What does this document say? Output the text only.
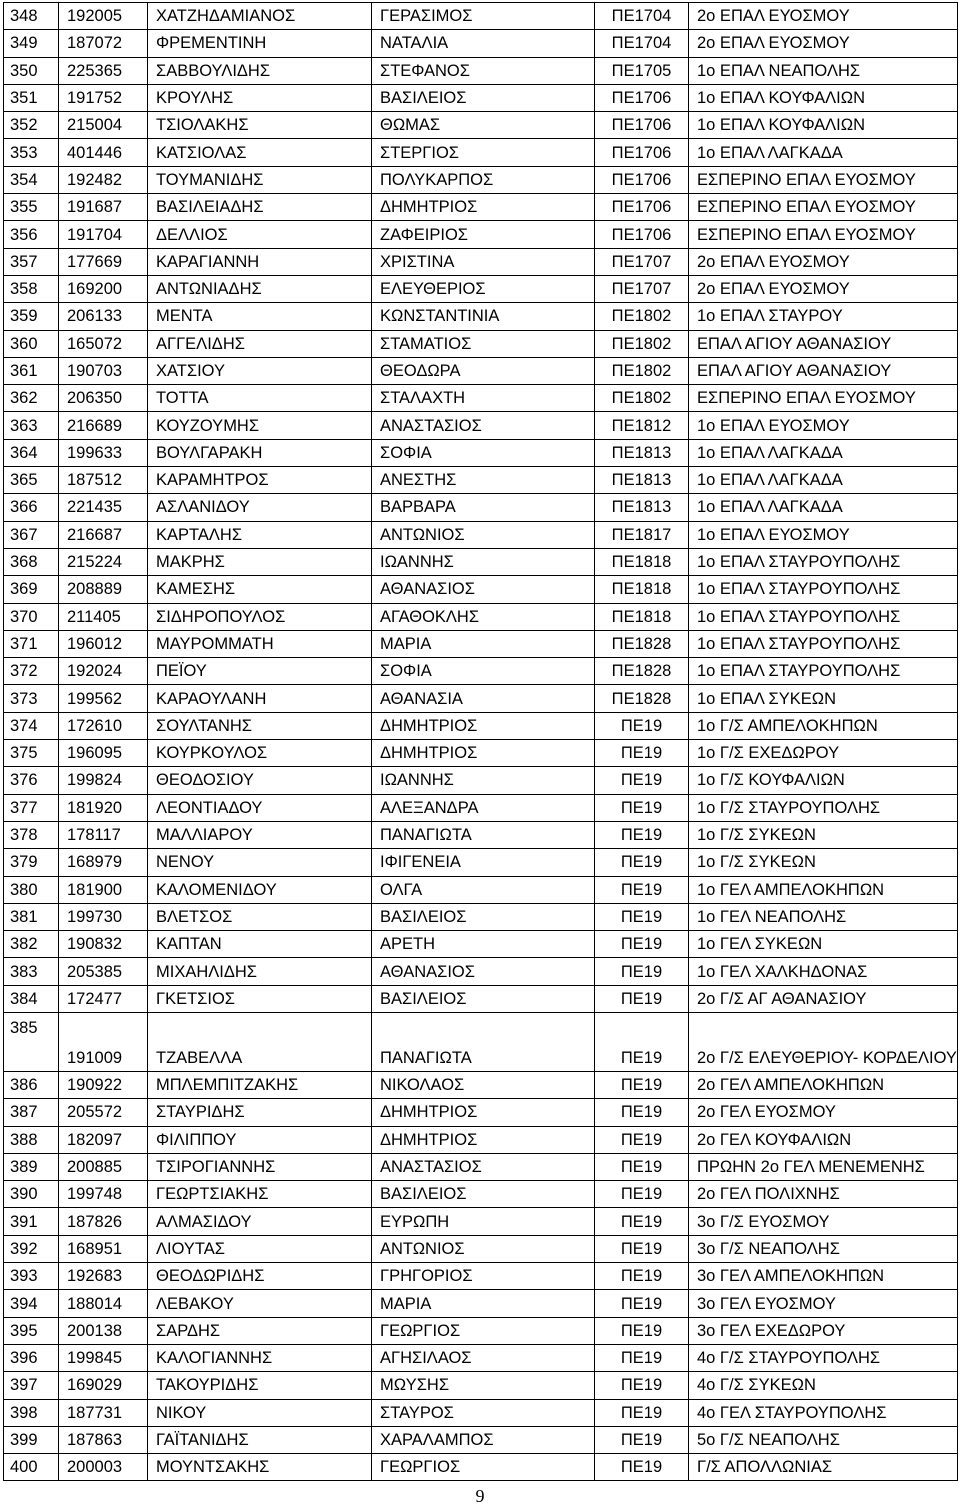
348	192005	ΧΑΤΖΗΔΑΜΙΑΝΟΣ	ΓΕΡΑΣΙΜΟΣ	ΠΕ1704	2ο ΕΠΑΛ ΕΥΟΣΜΟΥ
349	187072	ΦΡΕΜΕΝΤΙΝΗ	ΝΑΤΑΛΙΑ	ΠΕ1704	2ο ΕΠΑΛ ΕΥΟΣΜΟΥ
350	225365	ΣΑΒΒΟΥΛΙΔΗΣ	ΣΤΕΦΑΝΟΣ	ΠΕ1705	1ο ΕΠΑΛ ΝΕΑΠΟΛΗΣ
351	191752	ΚΡΟΥΛΗΣ	ΒΑΣΙΛΕΙΟΣ	ΠΕ1706	1ο ΕΠΑΛ ΚΟΥΦΑΛΙΩΝ
352	215004	ΤΣΙΟΛΑΚΗΣ	ΘΩΜΑΣ	ΠΕ1706	1ο ΕΠΑΛ ΚΟΥΦΑΛΙΩΝ
353	401446	ΚΑΤΣΙΟΛΑΣ	ΣΤΕΡΓΙΟΣ	ΠΕ1706	1ο ΕΠΑΛ ΛΑΓΚΑΔΑ
354	192482	ΤΟΥΜΑΝΙΔΗΣ	ΠΟΛΥΚΑΡΠΟΣ	ΠΕ1706	ΕΣΠΕΡΙΝΟ ΕΠΑΛ ΕΥΟΣΜΟΥ
355	191687	ΒΑΣΙΛΕΙΑΔΗΣ	ΔΗΜΗΤΡΙΟΣ	ΠΕ1706	ΕΣΠΕΡΙΝΟ ΕΠΑΛ ΕΥΟΣΜΟΥ
356	191704	ΔΕΛΛΙΟΣ	ΖΑΦΕΙΡΙΟΣ	ΠΕ1706	ΕΣΠΕΡΙΝΟ ΕΠΑΛ ΕΥΟΣΜΟΥ
357	177669	ΚΑΡΑΓΙΑΝΝΗ	ΧΡΙΣΤΙΝΑ	ΠΕ1707	2ο ΕΠΑΛ ΕΥΟΣΜΟΥ
358	169200	ΑΝΤΩΝΙΑΔΗΣ	ΕΛΕΥΘΕΡΙΟΣ	ΠΕ1707	2ο ΕΠΑΛ ΕΥΟΣΜΟΥ
359	206133	ΜΕΝΤΑ	ΚΩΝΣΤΑΝΤΙΝΙΑ	ΠΕ1802	1ο ΕΠΑΛ ΣΤΑΥΡΟΥ
360	165072	ΑΓΓΕΛΙΔΗΣ	ΣΤΑΜΑΤΙΟΣ	ΠΕ1802	ΕΠΑΛ ΑΓΙΟΥ ΑΘΑΝΑΣΙΟΥ
361	190703	ΧΑΤΣΙΟΥ	ΘΕΟΔΩΡΑ	ΠΕ1802	ΕΠΑΛ ΑΓΙΟΥ ΑΘΑΝΑΣΙΟΥ
362	206350	ΤΟΤΤΑ	ΣΤΑΛΑΧΤΗ	ΠΕ1802	ΕΣΠΕΡΙΝΟ ΕΠΑΛ ΕΥΟΣΜΟΥ
363	216689	ΚΟΥΖΟΥΜΗΣ	ΑΝΑΣΤΑΣΙΟΣ	ΠΕ1812	1ο ΕΠΑΛ ΕΥΟΣΜΟΥ
364	199633	ΒΟΥΛΓΑΡΑΚΗ	ΣΟΦΙΑ	ΠΕ1813	1ο ΕΠΑΛ ΛΑΓΚΑΔΑ
365	187512	ΚΑΡΑΜΗΤΡΟΣ	ΑΝΕΣΤΗΣ	ΠΕ1813	1ο ΕΠΑΛ ΛΑΓΚΑΔΑ
366	221435	ΑΣΛΑΝΙΔΟΥ	ΒΑΡΒΑΡΑ	ΠΕ1813	1ο ΕΠΑΛ ΛΑΓΚΑΔΑ
367	216687	ΚΑΡΤΑΛΗΣ	ΑΝΤΩΝΙΟΣ	ΠΕ1817	1ο ΕΠΑΛ ΕΥΟΣΜΟΥ
368	215224	ΜΑΚΡΗΣ	ΙΩΑΝΝΗΣ	ΠΕ1818	1ο ΕΠΑΛ ΣΤΑΥΡΟΥΠΟΛΗΣ
369	208889	ΚΑΜΕΣΗΣ	ΑΘΑΝΑΣΙΟΣ	ΠΕ1818	1ο ΕΠΑΛ ΣΤΑΥΡΟΥΠΟΛΗΣ
370	211405	ΣΙΔΗΡΟΠΟΥΛΟΣ	ΑΓΑΘΟΚΛΗΣ	ΠΕ1818	1ο ΕΠΑΛ ΣΤΑΥΡΟΥΠΟΛΗΣ
371	196012	ΜΑΥΡΟΜΜΑΤΗ	ΜΑΡΙΑ	ΠΕ1828	1ο ΕΠΑΛ ΣΤΑΥΡΟΥΠΟΛΗΣ
372	192024	ΠΕΪΟΥ	ΣΟΦΙΑ	ΠΕ1828	1ο ΕΠΑΛ ΣΤΑΥΡΟΥΠΟΛΗΣ
373	199562	ΚΑΡΑΟΥΛΑΝΗ	ΑΘΑΝΑΣΙΑ	ΠΕ1828	1ο ΕΠΑΛ ΣΥΚΕΩΝ
374	172610	ΣΟΥΛΤΑΝΗΣ	ΔΗΜΗΤΡΙΟΣ	ΠΕ19	1ο Γ/Σ ΑΜΠΕΛΟΚΗΠΩΝ
375	196095	ΚΟΥΡΚΟΥΛΟΣ	ΔΗΜΗΤΡΙΟΣ	ΠΕ19	1ο Γ/Σ ΕΧΕΔΩΡΟΥ
376	199824	ΘΕΟΔΟΣΙΟΥ	ΙΩΑΝΝΗΣ	ΠΕ19	1ο Γ/Σ ΚΟΥΦΑΛΙΩΝ
377	181920	ΛΕΟΝΤΙΑΔΟΥ	ΑΛΕΞΑΝΔΡΑ	ΠΕ19	1ο Γ/Σ ΣΤΑΥΡΟΥΠΟΛΗΣ
378	178117	ΜΑΛΛΙΑΡΟΥ	ΠΑΝΑΓΙΩΤΑ	ΠΕ19	1ο Γ/Σ ΣΥΚΕΩΝ
379	168979	ΝΕΝΟΥ	ΙΦΙΓΕΝΕΙΑ	ΠΕ19	1ο Γ/Σ ΣΥΚΕΩΝ
380	181900	ΚΑΛΟΜΕΝΙΔΟΥ	ΟΛΓΑ	ΠΕ19	1ο ΓΕΛ ΑΜΠΕΛΟΚΗΠΩΝ
381	199730	ΒΛΕΤΣΟΣ	ΒΑΣΙΛΕΙΟΣ	ΠΕ19	1ο ΓΕΛ ΝΕΑΠΟΛΗΣ
382	190832	ΚΑΠΤΑΝ	ΑΡΕΤΗ	ΠΕ19	1ο ΓΕΛ ΣΥΚΕΩΝ
383	205385	ΜΙΧΑΗΛΙΔΗΣ	ΑΘΑΝΑΣΙΟΣ	ΠΕ19	1ο ΓΕΛ ΧΑΛΚΗΔΟΝΑΣ
384	172477	ΓΚΕΤΣΙΟΣ	ΒΑΣΙΛΕΙΟΣ	ΠΕ19	2ο Γ/Σ ΑΓ ΑΘΑΝΑΣΙΟΥ
385	191009	ΤΖΑΒΕΛΛΑ	ΠΑΝΑΓΙΩΤΑ	ΠΕ19	2ο Γ/Σ ΕΛΕΥΘΕΡΙΟΥ- ΚΟΡΔΕΛΙΟΥ
386	190922	ΜΠΛΕΜΠΙΤΖΑΚΗΣ	ΝΙΚΟΛΑΟΣ	ΠΕ19	2ο ΓΕΛ ΑΜΠΕΛΟΚΗΠΩΝ
387	205572	ΣΤΑΥΡΙΔΗΣ	ΔΗΜΗΤΡΙΟΣ	ΠΕ19	2ο ΓΕΛ ΕΥΟΣΜΟΥ
388	182097	ΦΙΛΙΠΠΟΥ	ΔΗΜΗΤΡΙΟΣ	ΠΕ19	2ο ΓΕΛ ΚΟΥΦΑΛΙΩΝ
389	200885	ΤΣΙΡΟΓΙΑΝΝΗΣ	ΑΝΑΣΤΑΣΙΟΣ	ΠΕ19	ΠΡΩΗΝ 2ο ΓΕΛ ΜΕΝΕΜΕΝΗΣ
390	199748	ΓΕΩΡΤΣΙΑΚΗΣ	ΒΑΣΙΛΕΙΟΣ	ΠΕ19	2ο ΓΕΛ ΠΟΛΙΧΝΗΣ
391	187826	ΑΛΜΑΣΙΔΟΥ	ΕΥΡΩΠΗ	ΠΕ19	3ο Γ/Σ ΕΥΟΣΜΟΥ
392	168951	ΛΙΟΥΤΑΣ	ΑΝΤΩΝΙΟΣ	ΠΕ19	3ο Γ/Σ ΝΕΑΠΟΛΗΣ
393	192683	ΘΕΟΔΩΡΙΔΗΣ	ΓΡΗΓΟΡΙΟΣ	ΠΕ19	3ο ΓΕΛ ΑΜΠΕΛΟΚΗΠΩΝ
394	188014	ΛΕΒΑΚΟΥ	ΜΑΡΙΑ	ΠΕ19	3ο ΓΕΛ ΕΥΟΣΜΟΥ
395	200138	ΣΑΡΔΗΣ	ΓΕΩΡΓΙΟΣ	ΠΕ19	3ο ΓΕΛ ΕΧΕΔΩΡΟΥ
396	199845	ΚΑΛΟΓΙΑΝΝΗΣ	ΑΓΗΣΙΛΑΟΣ	ΠΕ19	4ο Γ/Σ ΣΤΑΥΡΟΥΠΟΛΗΣ
397	169029	ΤΑΚΟΥΡΙΔΗΣ	ΜΩΥΣΗΣ	ΠΕ19	4ο Γ/Σ ΣΥΚΕΩΝ
398	187731	ΝΙΚΟΥ	ΣΤΑΥΡΟΣ	ΠΕ19	4ο ΓΕΛ ΣΤΑΥΡΟΥΠΟΛΗΣ
399	187863	ΓΑΪΤΑΝΙΔΗΣ	ΧΑΡΑΛΑΜΠΟΣ	ΠΕ19	5ο Γ/Σ ΝΕΑΠΟΛΗΣ
400	200003	ΜΟΥΝΤΣΑΚΗΣ	ΓΕΩΡΓΙΟΣ	ΠΕ19	Γ/Σ ΑΠΟΛΛΩΝΙΑΣ
9
